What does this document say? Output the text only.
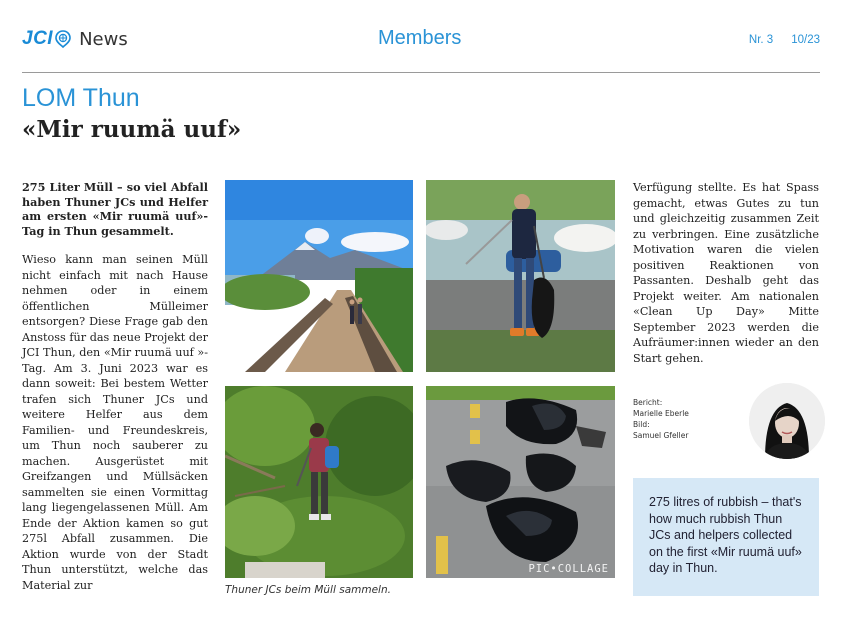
JCI News	Members	Nr. 3 10/23
LOM Thun
«Mir ruumä uuf»

275 Liter Müll – so viel Abfall haben Thuner JCs und Helfer am ersten «Mir ruumä uuf»-Tag in Thun gesammelt.

Wieso kann man seinen Müll nicht einfach mit nach Hause nehmen oder in einem öffentlichen Mülleimer entsorgen? Diese Frage gab den Anstoss für das neue Projekt der JCI Thun, den «Mir ruumä uuf »-Tag. Am 3. Juni 2023 war es dann soweit: Bei bestem Wetter trafen sich Thuner JCs und weitere Helfer aus dem Familien- und Freundeskreis, um Thun noch sauberer zu machen. Ausgerüstet mit Greifzangen und Müllsäcken sammelten sie einen Vormittag lang liegengelassenen Müll. Am Ende der Aktion kamen so gut 275l Abfall zusammen. Die Aktion wurde von der Stadt Thun unterstützt, welche das Material zur

PIC•COLLAGE
Thuner JCs beim Müll sammeln.
Verfügung stellte. Es hat Spass gemacht, etwas Gutes zu tun und gleichzeitig zusammen Zeit zu verbringen. Eine zusätzliche Motivation waren die vielen positiven Reaktionen von Passanten. Deshalb geht das Projekt weiter. Am nationalen «Clean Up Day» Mitte September 2023 werden die Aufräumer:innen wieder an den Start gehen.
Bericht:
Marielle Eberle
Bild:
Samuel Gfeller
275 litres of rubbish – that's how much rubbish Thun JCs and helpers collected on the first «Mir ruumä uuf» day in Thun.
